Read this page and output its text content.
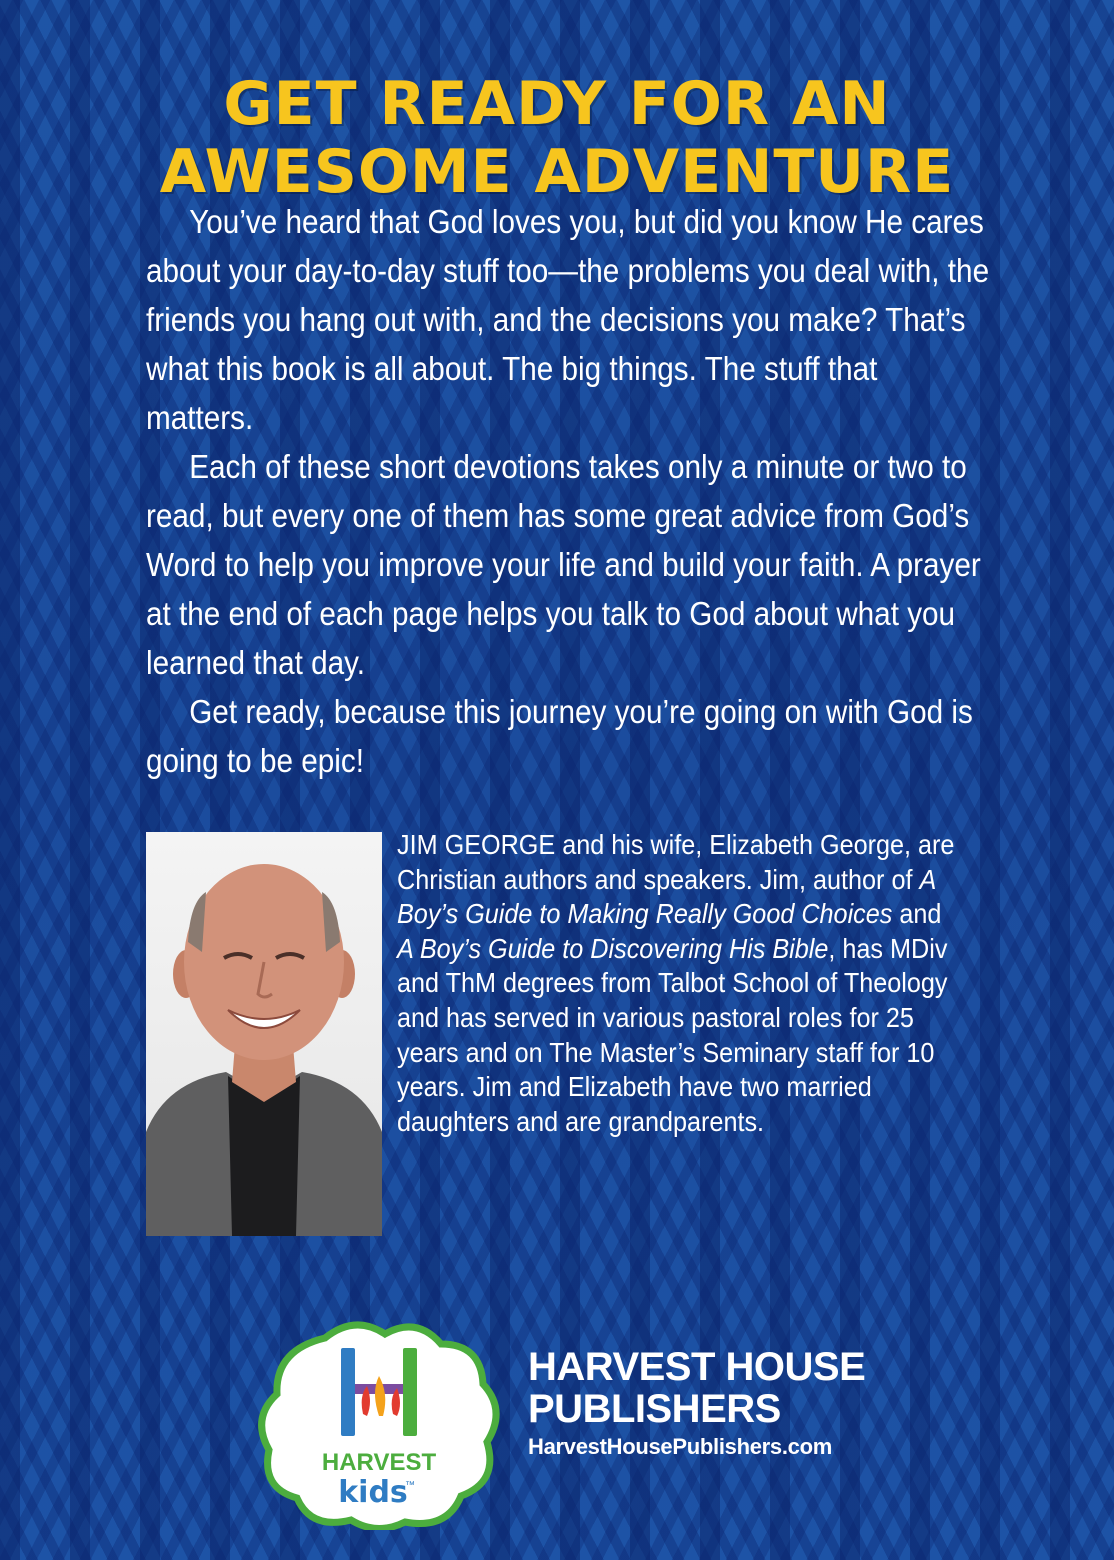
GET READY FOR AN
AWESOME ADVENTURE

You’ve heard that God loves you, but did you know He cares about your day-to-day stuff too—the problems you deal with, the friends you hang out with, and the decisions you make? That’s what this book is all about. The big things. The stuff that matters.

Each of these short devotions takes only a minute or two to read, but every one of them has some great advice from God’s Word to help you improve your life and build your faith. A prayer at the end of each page helps you talk to God about what you learned that day.

Get ready, because this journey you’re going on with God is going to be epic!

JIM GEORGE and his wife, Elizabeth George, are Christian authors and speakers. Jim, author of A Boy’s Guide to Making Really Good Choices and A Boy’s Guide to Discovering His Bible, has MDiv and ThM degrees from Talbot School of Theology and has served in various pastoral roles for 25 years and on The Master’s Seminary staff for 10 years. Jim and Elizabeth have two married daughters and are grandparents.
HARVEST
kids
™
HARVEST HOUSE
PUBLISHERS
HarvestHousePublishers.com
